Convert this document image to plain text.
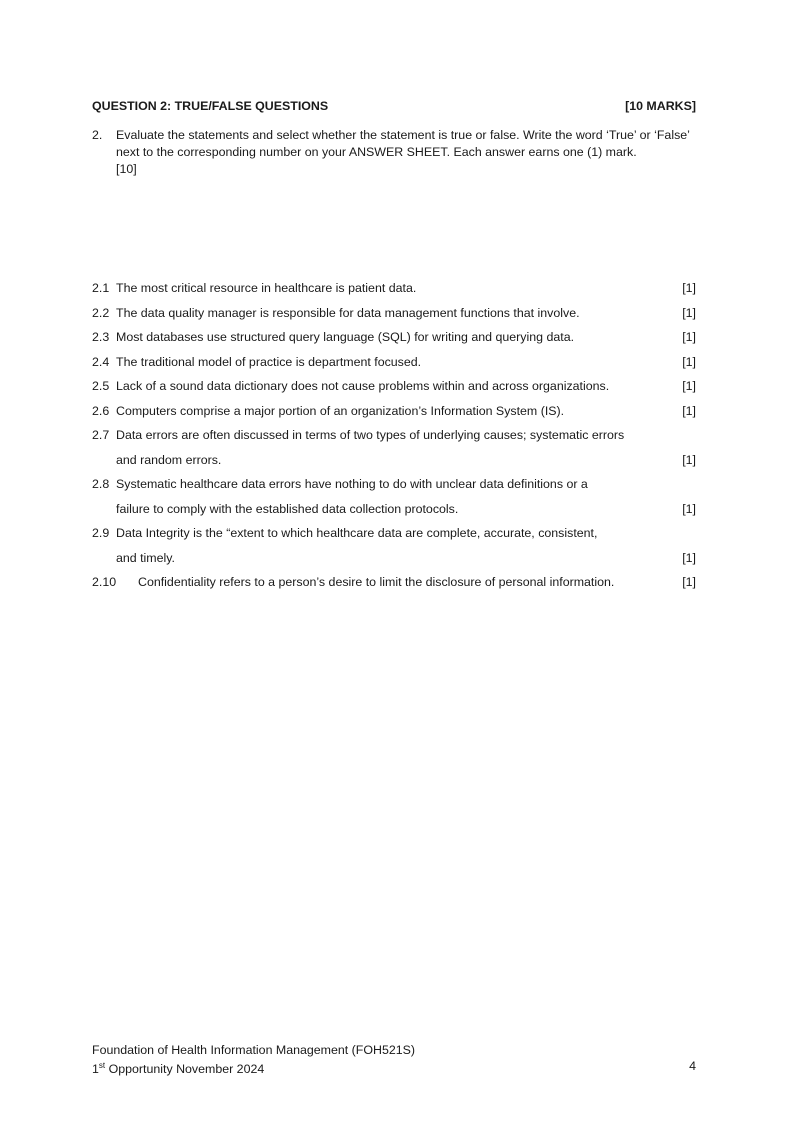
QUESTION 2: TRUE/FALSE QUESTIONS	[10 MARKS]
2.	Evaluate the statements and select whether the statement is true or false. Write the word ‘True’ or ‘False’ next to the corresponding number on your ANSWER SHEET. Each answer earns one (1) mark.
[10]
2.1 The most critical resource in healthcare is patient data.	[1]
2.2 The data quality manager is responsible for data management functions that involve.	[1]
2.3 Most databases use structured query language (SQL) for writing and querying data.	[1]
2.4 The traditional model of practice is department focused.	[1]
2.5 Lack of a sound data dictionary does not cause problems within and across organizations.	[1]
2.6 Computers comprise a major portion of an organization’s Information System (IS).	[1]
2.7 Data errors are often discussed in terms of two types of underlying causes; systematic errors
and random errors.	[1]
2.8 Systematic healthcare data errors have nothing to do with unclear data definitions or a
failure to comply with the established data collection protocols.	[1]
2.9 Data Integrity is the “extent to which healthcare data are complete, accurate, consistent,
and timely.	[1]
2.10 Confidentiality refers to a person’s desire to limit the disclosure of personal information.	[1]
Foundation of Health Information Management (FOH521S)
1st Opportunity November 2024	4
